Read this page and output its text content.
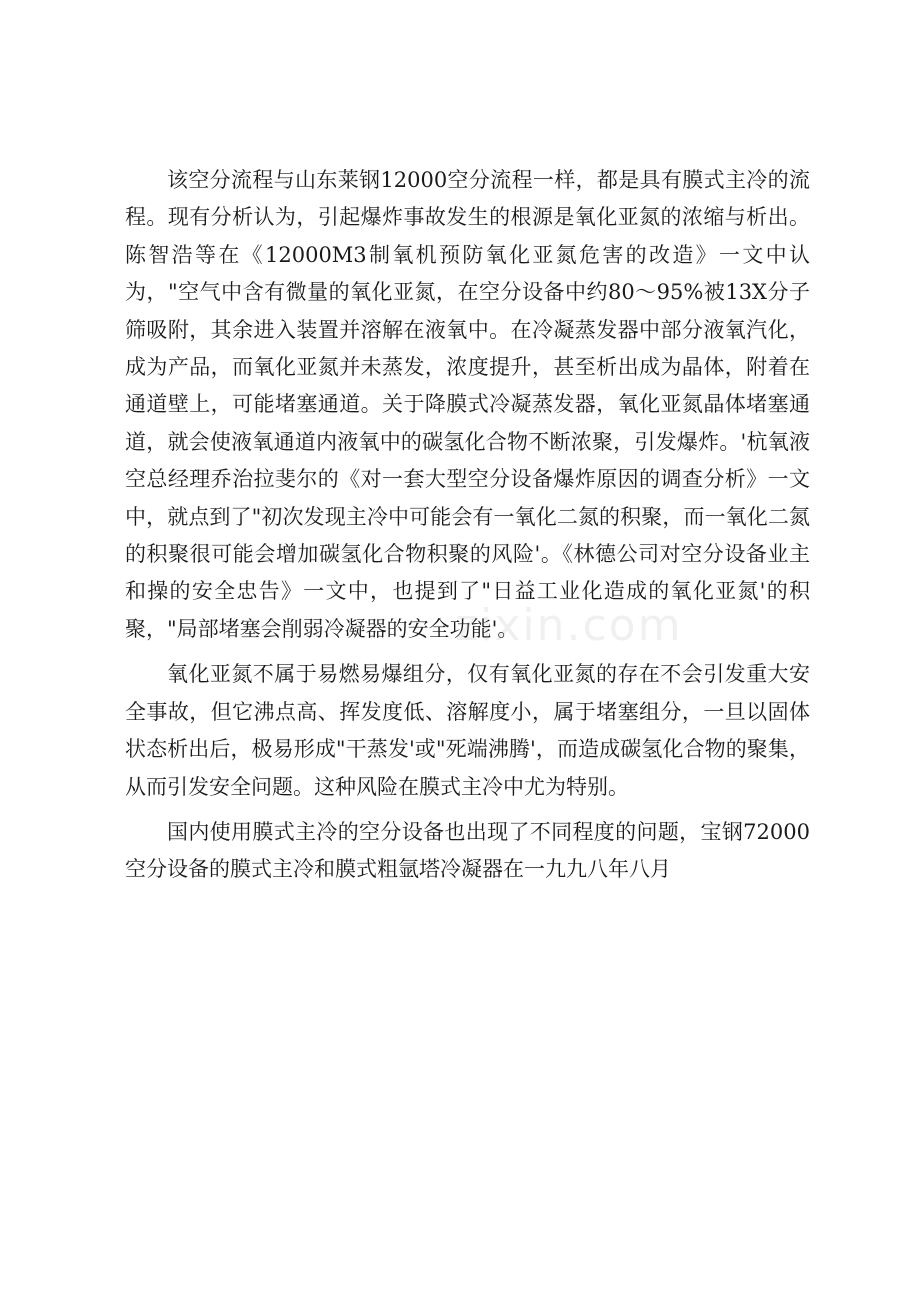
该空分流程与山东莱钢12000空分流程一样，都是具有膜式主冷的流程。现有分析认为，引起爆炸事故发生的根源是氧化亚氮的浓缩与析出。陈智浩等在《12000M3制氧机预防氧化亚氮危害的改造》一文中认为，"空气中含有微量的氧化亚氮，在空分设备中约80～95%被13X分子筛吸附，其余进入装置并溶解在液氧中。在冷凝蒸发器中部分液氧汽化，成为产品，而氧化亚氮并未蒸发，浓度提升，甚至析出成为晶体，附着在通道壁上，可能堵塞通道。关于降膜式冷凝蒸发器，氧化亚氮晶体堵塞通道，就会使液氧通道内液氧中的碳氢化合物不断浓聚，引发爆炸。'杭氧液空总经理乔治拉斐尔的《对一套大型空分设备爆炸原因的调查分析》一文中，就点到了"初次发现主冷中可能会有一氧化二氮的积聚，而一氧化二氮的积聚很可能会增加碳氢化合物积聚的风险'。《林德公司对空分设备业主和操的安全忠告》一文中，也提到了"日益工业化造成的氧化亚氮'的积聚，"局部堵塞会削弱冷凝器的安全功能'。

氧化亚氮不属于易燃易爆组分，仅有氧化亚氮的存在不会引发重大安全事故，但它沸点高、挥发度低、溶解度小，属于堵塞组分，一旦以固体状态析出后，极易形成"干蒸发'或"死端沸腾'，而造成碳氢化合物的聚集，从而引发安全问题。这种风险在膜式主冷中尤为特别。

国内使用膜式主冷的空分设备也出现了不同程度的问题，宝钢72000空分设备的膜式主冷和膜式粗氩塔冷凝器在一九九八年八月

zixin.com
